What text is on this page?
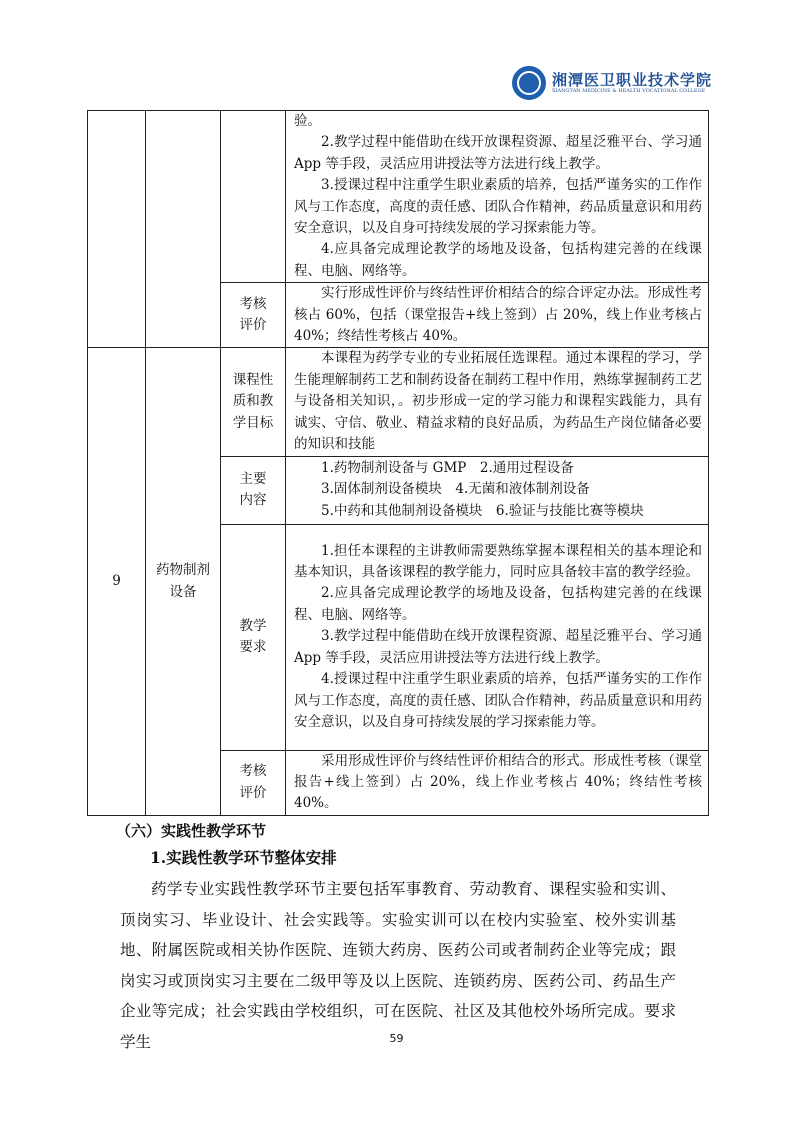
湘潭医卫职业技术学院
XIANGTAN MEDICINE & HEALTH VOCATIONAL COLLEGE

			验。
2.教学过程中能借助在线开放课程资源、超星泛雅平台、学习通 App 等手段，灵活应用讲授法等方法进行线上教学。
3.授课过程中注重学生职业素质的培养，包括严谨务实的工作作风与工作态度，高度的责任感、团队合作精神，药品质量意识和用药安全意识，以及自身可持续发展的学习探索能力等。
4.应具备完成理论教学的场地及设备，包括构建完善的在线课程、电脑、网络等。

		考核评价	实行形成性评价与终结性评价相结合的综合评定办法。形成性考核占 60%，包括（课堂报告+线上签到）占 20%，线上作业考核占 40%；终结性考核占 40%。
9	药物制剂设备	课程性质和教学目标	本课程为药学专业的专业拓展任选课程。通过本课程的学习，学生能理解制药工艺和制药设备在制药工程中作用，熟练掌握制药工艺与设备相关知识，。初步形成一定的学习能力和课程实践能力，具有诚实、守信、敬业、精益求精的良好品质，为药品生产岗位储备必要的知识和技能

		主要内容	1.药物制剂设备与 GMP　2.通用过程设备
3.固体制剂设备模块　4.无菌和液体制剂设备
5.中药和其他制剂设备模块　6.验证与技能比赛等模块

		教学要求	1.担任本课程的主讲教师需要熟练掌握本课程相关的基本理论和基本知识，具备该课程的教学能力，同时应具备较丰富的教学经验。
2.应具备完成理论教学的场地及设备，包括构建完善的在线课程、电脑、网络等。
3.教学过程中能借助在线开放课程资源、超星泛雅平台、学习通 App 等手段，灵活应用讲授法等方法进行线上教学。
4.授课过程中注重学生职业素质的培养，包括严谨务实的工作作风与工作态度，高度的责任感、团队合作精神，药品质量意识和用药安全意识，以及自身可持续发展的学习探索能力等。

		考核评价	采用形成性评价与终结性评价相结合的形式。形成性考核（课堂报告+线上签到）占 20%，线上作业考核占 40%；终结性考核 40%。
（六）实践性教学环节
1.实践性教学环节整体安排
药学专业实践性教学环节主要包括军事教育、劳动教育、课程实验和实训、顶岗实习、毕业设计、社会实践等。实验实训可以在校内实验室、校外实训基地、附属医院或相关协作医院、连锁大药房、医药公司或者制药企业等完成；跟岗实习或顶岗实习主要在二级甲等及以上医院、连锁药房、医药公司、药品生产企业等完成；社会实践由学校组织，可在医院、社区及其他校外场所完成。要求学生	59
